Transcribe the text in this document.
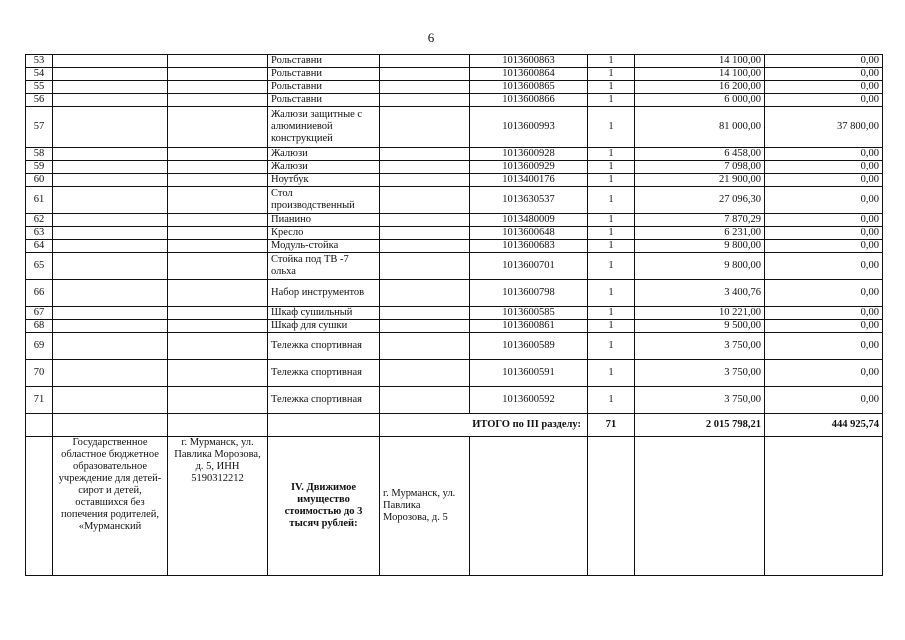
6
53			Рольставни		1013600863	1	14 100,00	0,00
54			Рольставни		1013600864	1	14 100,00	0,00
55			Рольставни		1013600865	1	16 200,00	0,00
56			Рольставни		1013600866	1	6 000,00	0,00
57			Жалюзи защитные с алюминиевой конструкцией		1013600993	1	81 000,00	37 800,00
58			Жалюзи		1013600928	1	6 458,00	0,00
59			Жалюзи		1013600929	1	7 098,00	0,00
60			Ноутбук		1013400176	1	21 900,00	0,00
61			Стол производственный		1013630537	1	27 096,30	0,00
62			Пианино		1013480009	1	7 870,29	0,00
63			Кресло		1013600648	1	6 231,00	0,00
64			Модуль-стойка		1013600683	1	9 800,00	0,00
65			Стойка под ТВ -7 ольха		1013600701	1	9 800,00	0,00
66			Набор инструментов		1013600798	1	3 400,76	0,00
67			Шкаф сушильный		1013600585	1	10 221,00	0,00
68			Шкаф для сушки		1013600861	1	9 500,00	0,00
69			Тележка спортивная		1013600589	1	3 750,00	0,00
70			Тележка спортивная		1013600591	1	3 750,00	0,00
71			Тележка спортивная		1013600592	1	3 750,00	0,00
				ИТОГО по III разделу:		71	2 015 798,21	444 925,74
	Государственное областное бюджетное образовательное учреждение для детей-сирот и детей, оставшихся без попечения родителей, «Мурманский	г. Мурманск, ул. Павлика Морозова, д. 5, ИНН 5190312212	IV. Движимое имущество стоимостью до 3 тысяч рублей:	г. Мурманск, ул. Павлика Морозова, д. 5				
